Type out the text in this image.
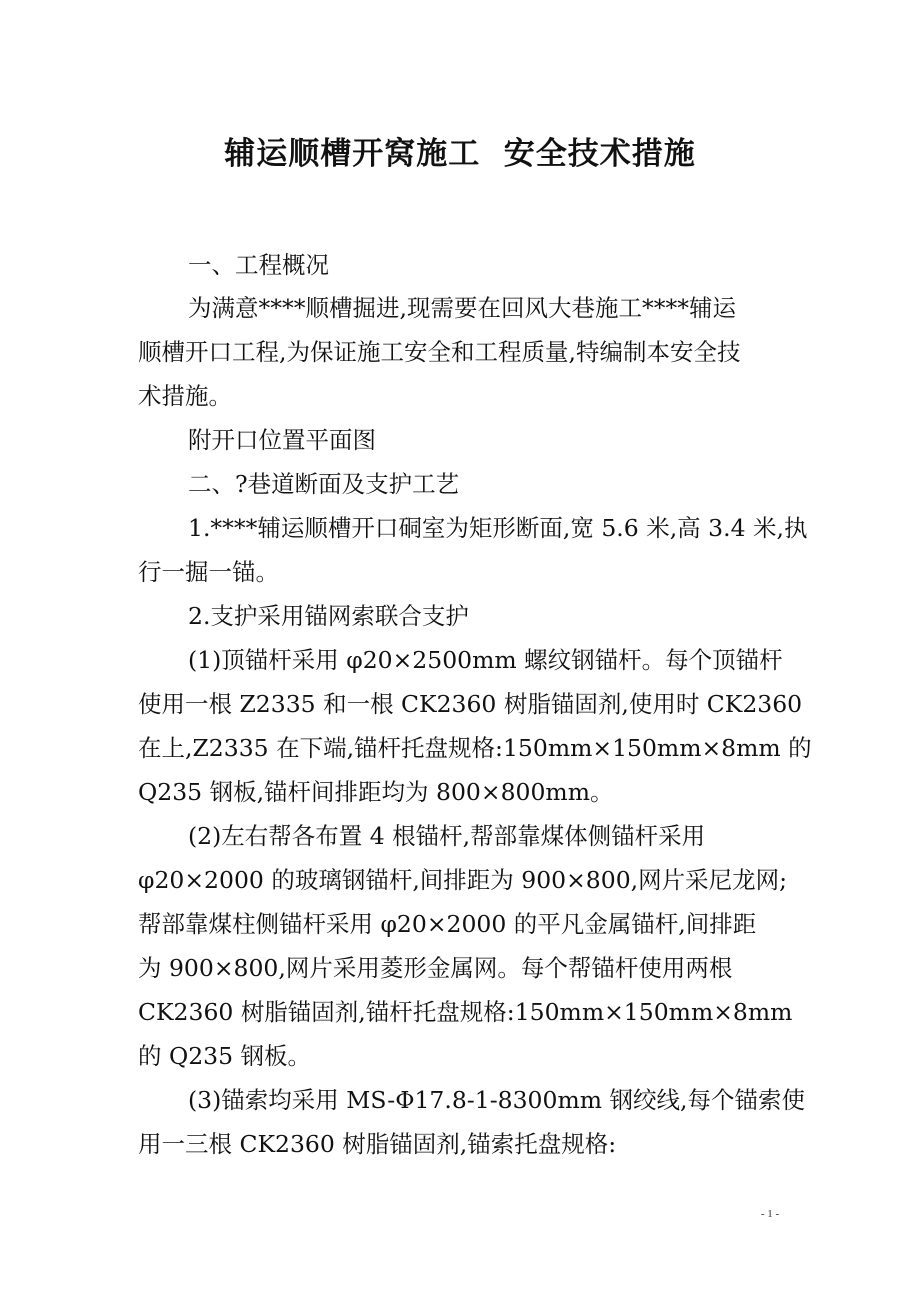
辅运顺槽开窝施工  安全技术措施

一、工程概况

为满意****顺槽掘进,现需要在回风大巷施工****辅运

顺槽开口工程,为保证施工安全和工程质量,特编制本安全技

术措施。

附开口位置平面图

二、?巷道断面及支护工艺

1.****辅运顺槽开口硐室为矩形断面,宽 5.6 米,高 3.4 米,执

行一掘一锚。

2.支护采用锚网索联合支护

(1)顶锚杆采用 φ20×2500mm 螺纹钢锚杆。每个顶锚杆

使用一根 Z2335 和一根 CK2360 树脂锚固剂,使用时 CK2360

在上,Z2335 在下端,锚杆托盘规格:150mm×150mm×8mm 的

Q235 钢板,锚杆间排距均为 800×800mm。

(2)左右帮各布置 4 根锚杆,帮部靠煤体侧锚杆采用

φ20×2000 的玻璃钢锚杆,间排距为 900×800,网片采尼龙网;

帮部靠煤柱侧锚杆采用 φ20×2000 的平凡金属锚杆,间排距

为 900×800,网片采用菱形金属网。每个帮锚杆使用两根

CK2360 树脂锚固剂,锚杆托盘规格:150mm×150mm×8mm

的 Q235 钢板。

(3)锚索均采用 MS-Φ17.8-1-8300mm 钢绞线,每个锚索使

用一三根 CK2360 树脂锚固剂,锚索托盘规格:

- 1 -
